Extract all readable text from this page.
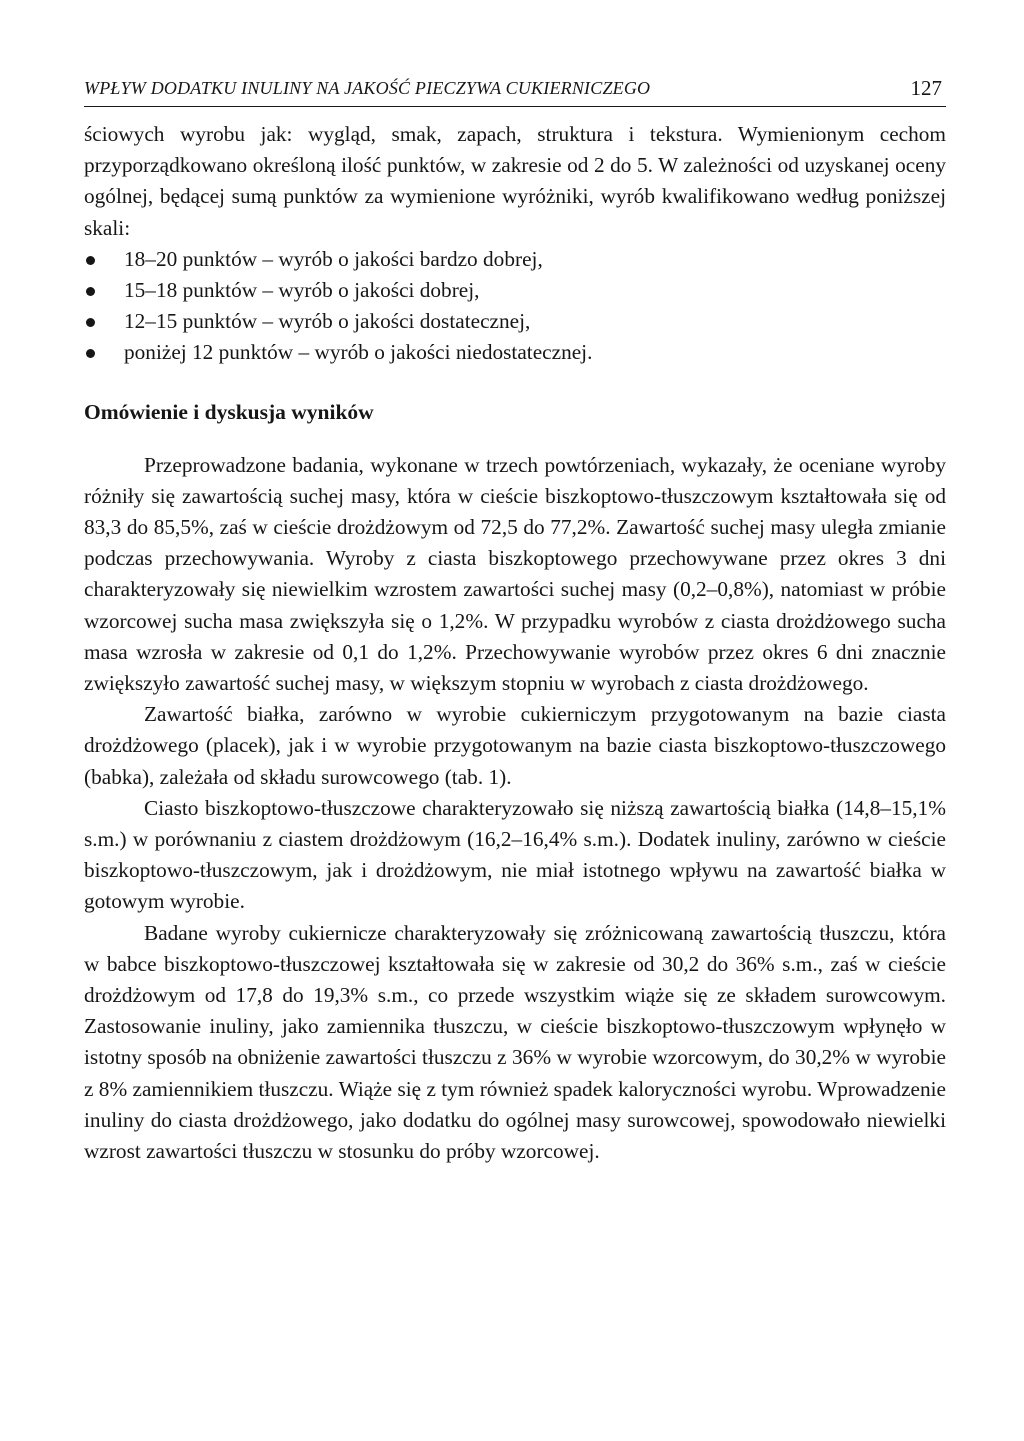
WPŁYW DODATKU INULINY NA JAKOŚĆ PIECZYWA CUKIERNICZEGO	127

ściowych wyrobu jak: wygląd, smak, zapach, struktura i tekstura. Wymienionym cechom przyporządkowano określoną ilość punktów, w zakresie od 2 do 5. W zależności od uzyskanej oceny ogólnej, będącej sumą punktów za wymienione wyróżniki, wyrób kwalifikowano według poniższej skali:

18–20 punktów – wyrób o jakości bardzo dobrej,
15–18 punktów – wyrób o jakości dobrej,
12–15 punktów – wyrób o jakości dostatecznej,
poniżej 12 punktów – wyrób o jakości niedostatecznej.
Omówienie i dyskusja wyników

Przeprowadzone badania, wykonane w trzech powtórzeniach, wykazały, że oceniane wyroby różniły się zawartością suchej masy, która w cieście biszkoptowo-tłuszczowym kształtowała się od 83,3 do 85,5%, zaś w cieście drożdżowym od 72,5 do 77,2%. Zawartość suchej masy uległa zmianie podczas przechowywania. Wyroby z ciasta biszkoptowego przechowywane przez okres 3 dni charakteryzowały się niewielkim wzrostem zawartości suchej masy (0,2–0,8%), natomiast w próbie wzorcowej sucha masa zwiększyła się o 1,2%. W przypadku wyrobów z ciasta drożdżowego sucha masa wzrosła w zakresie od 0,1 do 1,2%. Przechowywanie wyrobów przez okres 6 dni znacznie zwiększyło zawartość suchej masy, w większym stopniu w wyrobach z ciasta drożdżowego.

Zawartość białka, zarówno w wyrobie cukierniczym przygotowanym na bazie ciasta drożdżowego (placek), jak i w wyrobie przygotowanym na bazie ciasta biszkoptowo-tłuszczowego (babka), zależała od składu surowcowego (tab. 1).

Ciasto biszkoptowo-tłuszczowe charakteryzowało się niższą zawartością białka (14,8–15,1% s.m.) w porównaniu z ciastem drożdżowym (16,2–16,4% s.m.). Dodatek inuliny, zarówno w cieście biszkoptowo-tłuszczowym, jak i drożdżowym, nie miał istotnego wpływu na zawartość białka w gotowym wyrobie.

Badane wyroby cukiernicze charakteryzowały się zróżnicowaną zawartością tłuszczu, która w babce biszkoptowo-tłuszczowej kształtowała się w zakresie od 30,2 do 36% s.m., zaś w cieście drożdżowym od 17,8 do 19,3% s.m., co przede wszystkim wiąże się ze składem surowcowym. Zastosowanie inuliny, jako zamiennika tłuszczu, w cieście biszkoptowo-tłuszczowym wpłynęło w istotny sposób na obniżenie zawartości tłuszczu z 36% w wyrobie wzorcowym, do 30,2% w wyrobie z 8% zamiennikiem tłuszczu. Wiąże się z tym również spadek kaloryczności wyrobu. Wprowadzenie inuliny do ciasta drożdżowego, jako dodatku do ogólnej masy surowcowej, spowodowało niewielki wzrost zawartości tłuszczu w stosunku do próby wzorcowej.
